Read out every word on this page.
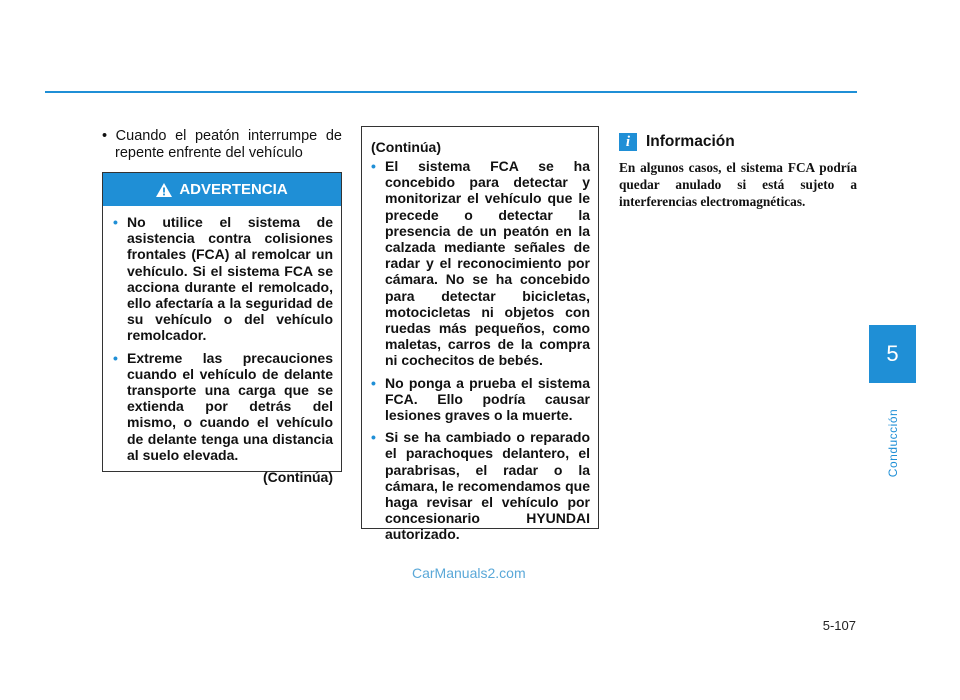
• Cuando el peatón interrumpe de repente enfrente del vehículo
ADVERTENCIA
• No utilice el sistema de asistencia contra colisiones frontales (FCA) al remolcar un vehículo. Si el sistema FCA se acciona durante el remolcado, ello afectaría a la seguridad de su vehículo o del vehículo remolcador.
• Extreme las precauciones cuando el vehículo de delante transporte una carga que se extienda por detrás del mismo, o cuando el vehículo de delante tenga una distancia al suelo elevada.
(Continúa)
(Continúa)
• El sistema FCA se ha concebido para detectar y monitorizar el vehículo que le precede o detectar la presencia de un peatón en la calzada mediante señales de radar y el reconocimiento por cámara. No se ha concebido para detectar bicicletas, motocicletas ni objetos con ruedas más pequeños, como maletas, carros de la compra ni cochecitos de bebés.
• No ponga a prueba el sistema FCA. Ello podría causar lesiones graves o la muerte.
• Si se ha cambiado o reparado el parachoques delantero, el parabrisas, el radar o la cámara, le recomendamos que haga revisar el vehículo por concesionario HYUNDAI autorizado.
i	Información
En algunos casos, el sistema FCA podría quedar anulado si está sujeto a interferencias electromagnéticas.
5
Conducción
CarManuals2.com
5-107
